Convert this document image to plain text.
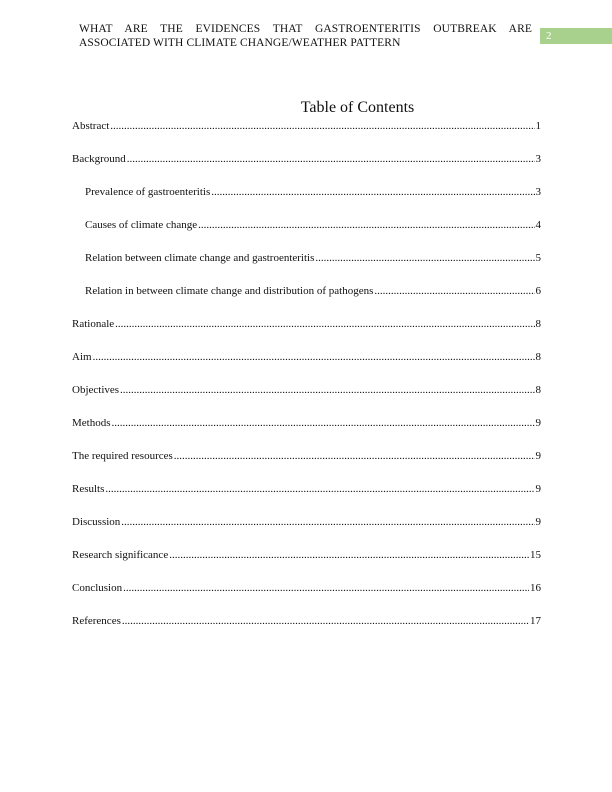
WHAT ARE THE EVIDENCES THAT GASTROENTERITIS OUTBREAK ARE ASSOCIATED WITH CLIMATE CHANGE/WEATHER PATTERN
2
Table of Contents
Abstract .....	1
Background .....	3
Prevalence of gastroenteritis .....	3
Causes of climate change .....	4
Relation between climate change and gastroenteritis .....	5
Relation in between climate change and distribution of pathogens .....	6
Rationale .....	8
Aim .....	8
Objectives .....	8
Methods .....	9
The required resources .....	9
Results .....	9
Discussion .....	9
Research significance .....	15
Conclusion .....	16
References .....	17
